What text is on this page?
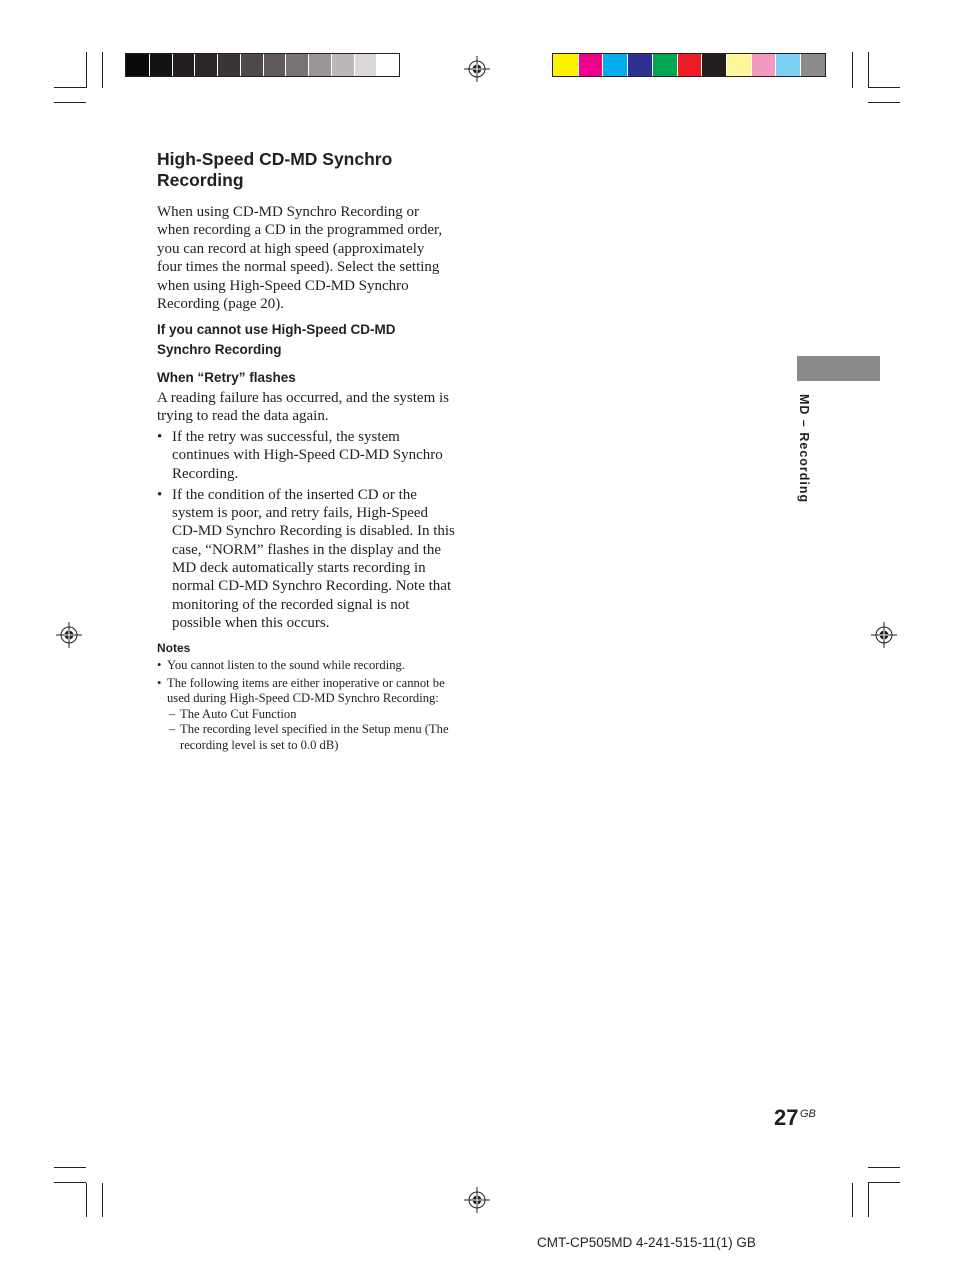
High-Speed CD-MD Synchro Recording

When using CD-MD Synchro Recording or when recording a CD in the programmed order, you can record at high speed (approximately four times the normal speed). Select the setting when using High-Speed CD-MD Synchro Recording (page 20).

If you cannot use High-Speed CD-MD Synchro Recording
When “Retry” flashes

A reading failure has occurred, and the system is trying to read the data again.

• If the retry was successful, the system continues with High-Speed CD-MD Synchro Recording.
• If the condition of the inserted CD or the system is poor, and retry fails, High-Speed CD-MD Synchro Recording is disabled. In this case, “NORM” flashes in the display and the MD deck automatically starts recording in normal CD-MD Synchro Recording. Note that monitoring of the recorded signal is not possible when this occurs.
Notes
• You cannot listen to the sound while recording.
• The following items are either inoperative or cannot be used during High-Speed CD-MD Synchro Recording:
– The Auto Cut Function
– The recording level specified in the Setup menu (The recording level is set to 0.0 dB)
MD – Recording
27 GB
CMT-CP505MD 4-241-515-11(1) GB
